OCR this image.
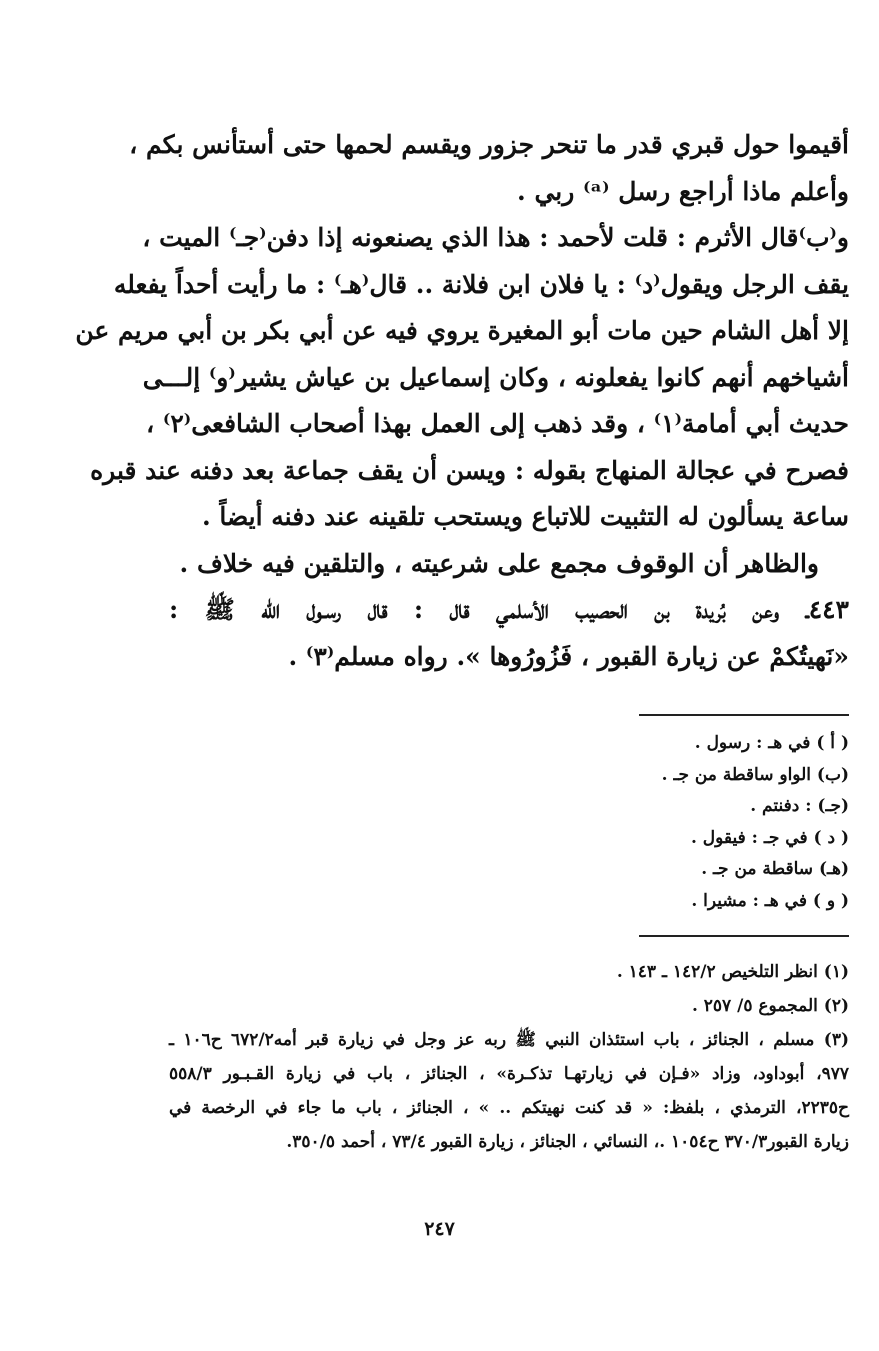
أقيموا حول قبري قدر ما تنحر جزور ويقسم لحمها حتى أستأنس بكم ،
وأعلم ماذا أراجع رسل ⁽ᵃ⁾ ربي .
و⁽ب⁾قال الأثرم : قلت لأحمد : هذا الذي يصنعونه إذا دفن⁽جـ⁾ الميت ،
يقف الرجل ويقول⁽د⁾ : يا فلان ابن فلانة .. قال⁽هـ⁾ : ما رأيت أحداً يفعله
إلا أهل الشام حين مات أبو المغيرة يروي فيه عن أبي بكر بن أبي مريم عن
أشياخهم أنهم كانوا يفعلونه ، وكان إسماعيل بن عياش يشير⁽و⁾ إلـــى
حديث أبي أمامة⁽١⁾ ، وقد ذهب إلى العمل بهذا أصحاب الشافعى⁽٢⁾ ،
فصرح في عجالة المنهاج بقوله : ويسن أن يقف جماعة بعد دفنه عند قبره
ساعة يسألون له التثبيت للاتباع ويستحب تلقينه عند دفنه أيضاً .
والظاهر أن الوقوف مجمع على شرعيته ، والتلقين فيه خلاف .
٤٤٣ـ وعن بُريدة بن الحصيب الأسلمي قال : قال رسـول الله ﷺ :
«نَهيتُكمْ عن زيارة القبور ، فَزُورُوها ». رواه مسلم⁽٣⁾ .
( أ ) في هـ : رسول .
(ب) الواو ساقطة من جـ .
(جـ) : دفنتم .
( د ) في جـ : فيقول .
(هـ) ساقطة من جـ .
( و ) في هـ : مشيرا .
(١) انظر التلخيص ١٤٢/٢ ـ ١٤٣ .
(٢) المجموع ٥/ ٢٥٧ .
(٣) مسلم ، الجنائز ، باب استئذان النبي ﷺ ربه عز وجل في زيارة قبر أمه٦٧٢/٢ ح١٠٦ ـ
٩٧٧، أبوداود، وزاد «فـإن في زيارتهـا تذكـرة» ، الجنائز ، باب في زيارة القـبـور ٥٥٨/٣
ح٢٢٣٥، الترمذي ، بلفظ: « قد كنت نهيتكم .. » ، الجنائز ، باب ما جاء في الرخصة في
زيارة القبور٣٧٠/٣ ح١٠٥٤ .، النسائي ، الجنائز ، زيارة القبور ٧٣/٤ ، أحمد ٣٥٠/٥.
٢٤٧
